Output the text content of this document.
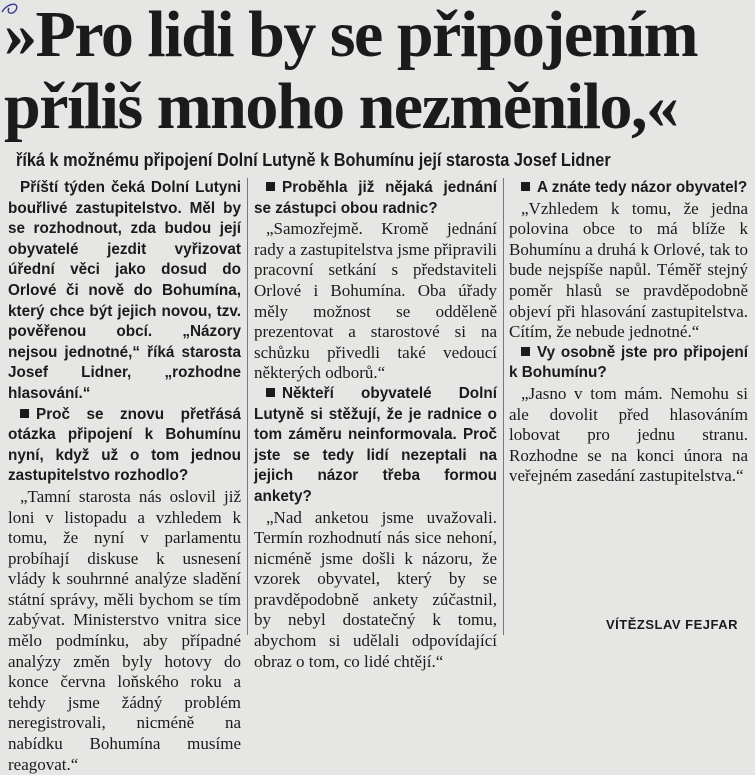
»Pro lidi by se připojením
příliš mnoho nezměnilo,«
říká k možnému připojení Dolní Lutyně k Bohumínu její starosta Josef Lidner

Příští týden čeká Dolní Lutyni bouřlivé zastupitelstvo. Měl by se rozhodnout, zda budou její obyvatelé jezdit vyřizovat úřední věci jako dosud do Orlové či nově do Bohumína, který chce být jejich novou, tzv. pověřenou obcí. „Názory nejsou jednotné,“ říká starosta Josef Lidner, „rozhodne hlasování.“

Proč se znovu přetřásá otázka připojení k Bohumínu nyní, když už o tom jednou zastupitelstvo rozhodlo?

„Tamní starosta nás oslovil již loni v listopadu a vzhledem k tomu, že nyní v parlamentu probíhají diskuse k usnesení vlády k souhrnné analýze sladění státní správy, měli bychom se tím zabývat. Ministerstvo vnitra sice mělo podmínku, aby případné analýzy změn byly hotovy do konce června loňského roku a tehdy jsme žádný problém neregistrovali, nicméně na nabídku Bohumína musíme reagovat.“

Proběhla již nějaká jednání se zástupci obou radnic?

„Samozřejmě. Kromě jednání rady a zastupitelstva jsme připravili pracovní setkání s představiteli Orlové i Bohumína. Oba úřady měly možnost se odděleně prezentovat a starostové si na schůzku přivedli také vedoucí některých odborů.“

Někteří obyvatelé Dolní Lutyně si stěžují, že je radnice o tom záměru neinformovala. Proč jste se tedy lidí nezeptali na jejich názor třeba formou ankety?

„Nad anketou jsme uvažovali. Termín rozhodnutí nás sice nehoní, nicméně jsme došli k názoru, že vzorek obyvatel, který by se pravděpodobně ankety zúčastnil, by nebyl dostatečný k tomu, abychom si udělali odpovídající obraz o tom, co lidé chtějí.“

A znáte tedy názor obyvatel?

„Vzhledem k tomu, že jedna polovina obce to má blíže k Bohumínu a druhá k Orlové, tak to bude nejspíše napůl. Téměř stejný poměr hlasů se pravděpodobně objeví při hlasování zastupitelstva. Cítím, že nebude jednotné.“

Vy osobně jste pro připojení k Bohumínu?

„Jasno v tom mám. Nemohu si ale dovolit před hlasováním lobovat pro jednu stranu. Rozhodne se na konci února na veřejném zasedání zastupitelstva.“

VÍTĚZSLAV FEJFAR
